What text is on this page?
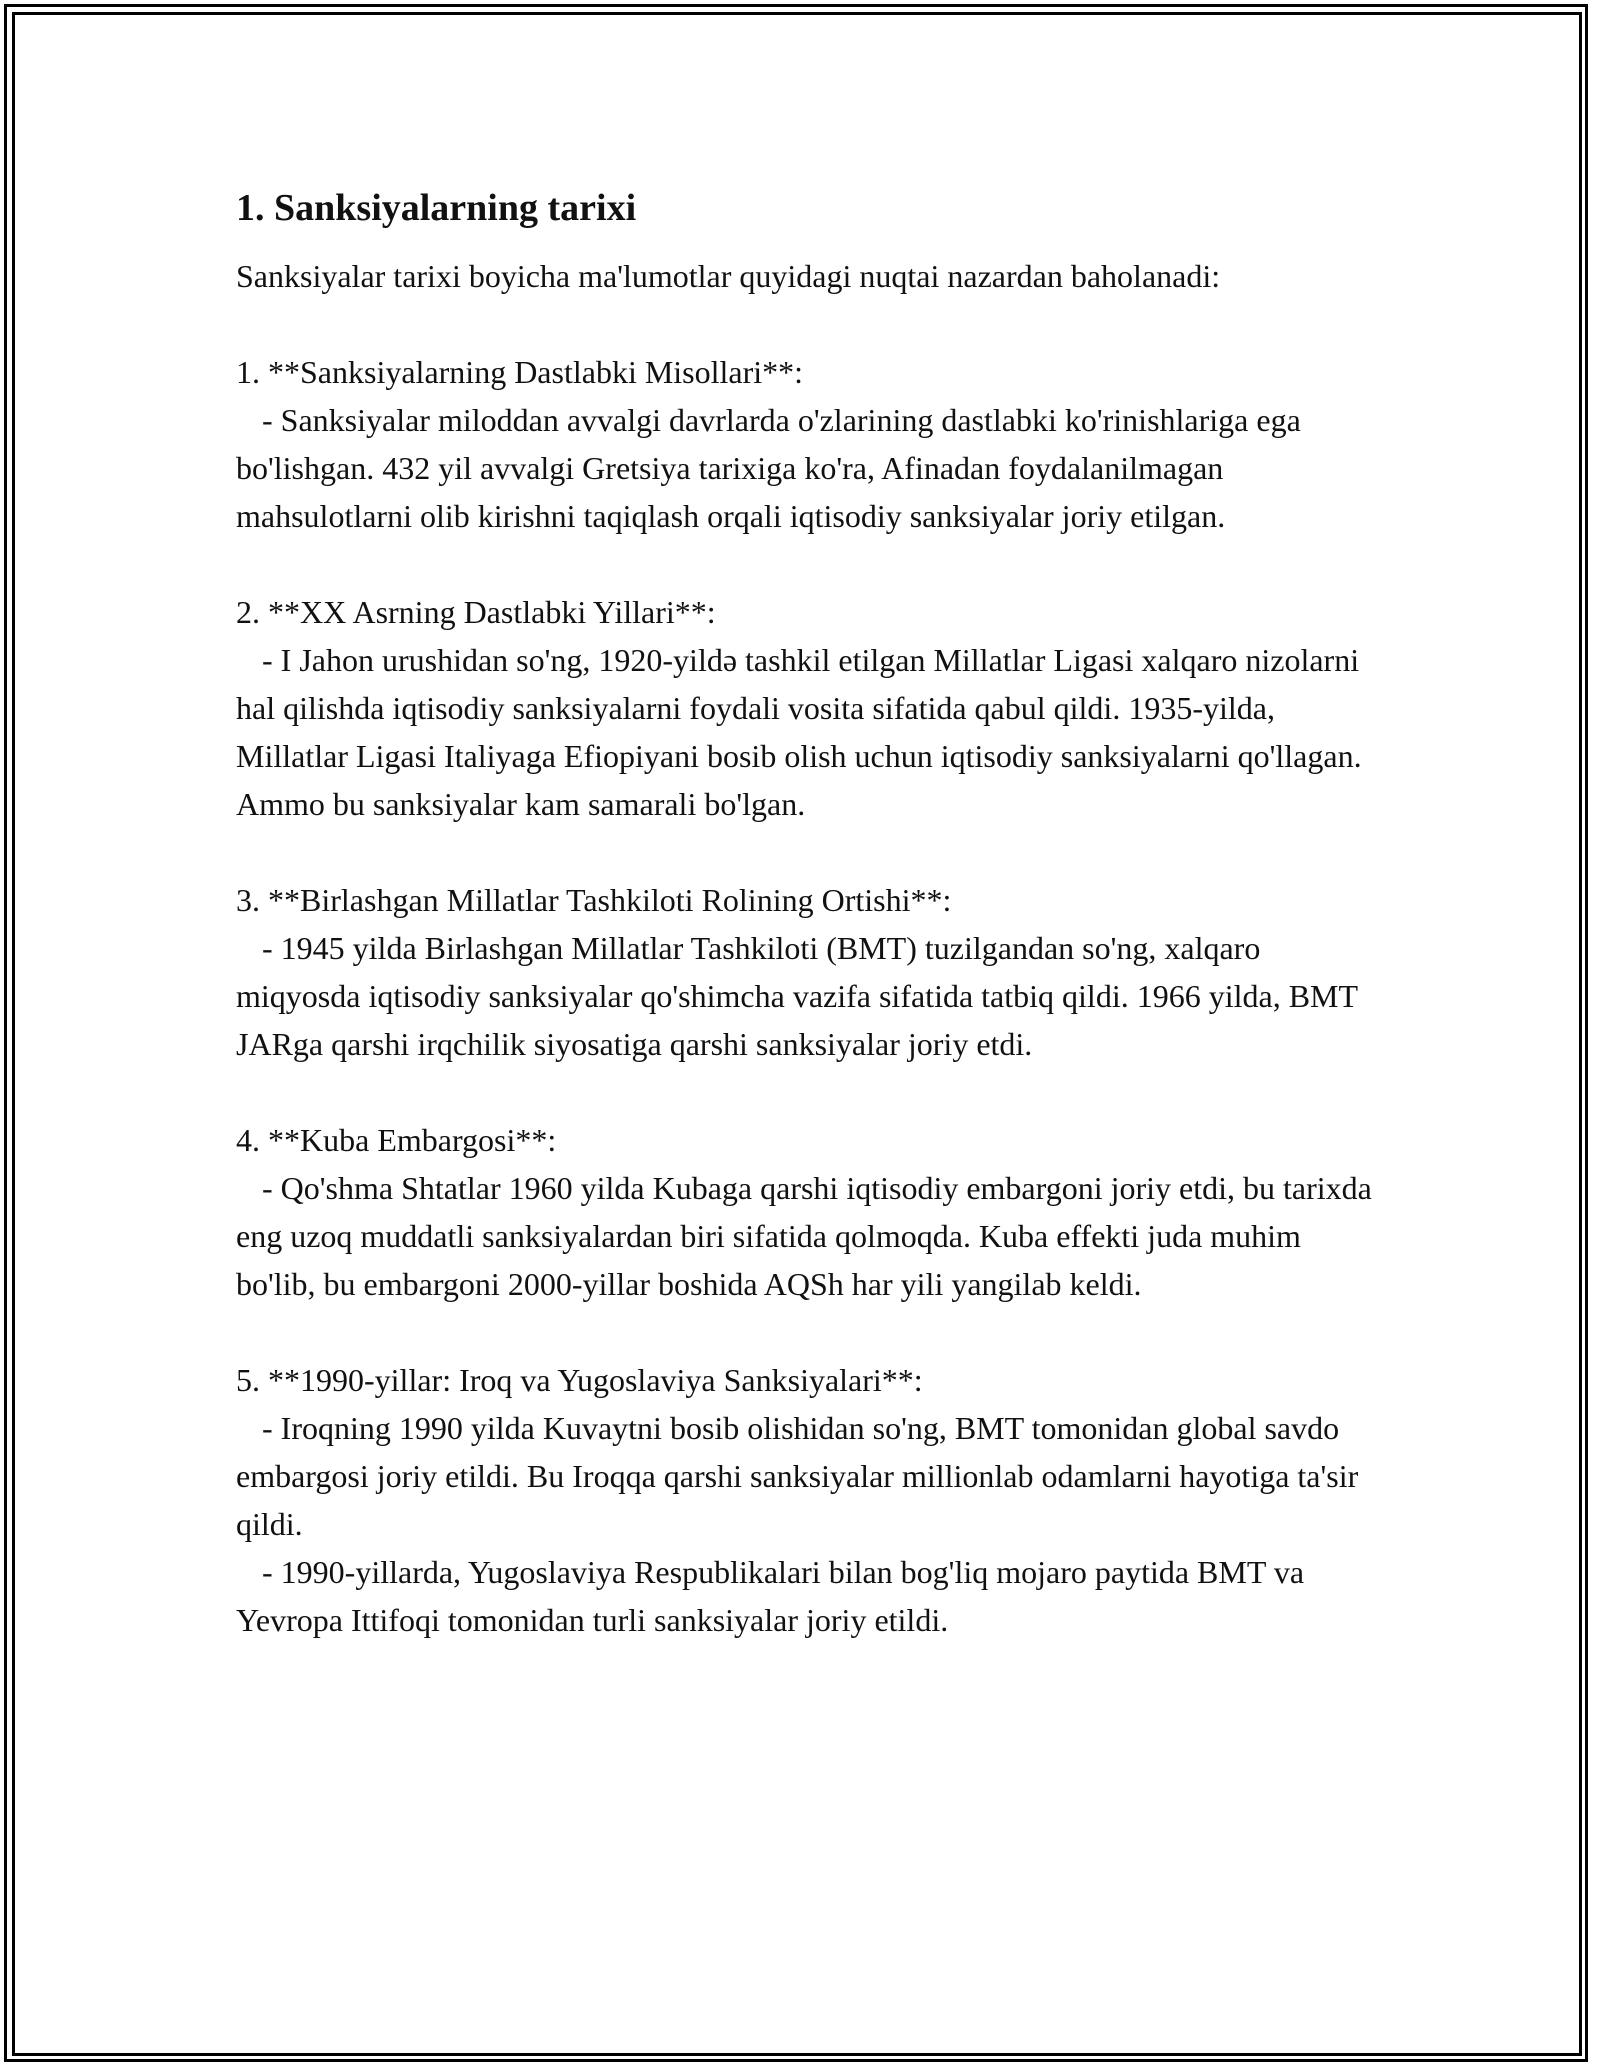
1. Sanksiyalarning tarixi

Sanksiyalar tarixi boyicha ma'lumotlar quyidagi nuqtai nazardan baholanadi:

1. **Sanksiyalarning Dastlabki Misollari**:

- Sanksiyalar miloddan avvalgi davrlarda o'zlarining dastlabki ko'rinishlariga ega bo'lishgan. 432 yil avvalgi Gretsiya tarixiga ko'ra, Afinadan foydalanilmagan mahsulotlarni olib kirishni taqiqlash orqali iqtisodiy sanksiyalar joriy etilgan.

2. **XX Asrning Dastlabki Yillari**:

- I Jahon urushidan so'ng, 1920-yildə tashkil etilgan Millatlar Ligasi xalqaro nizolarni hal qilishda iqtisodiy sanksiyalarni foydali vosita sifatida qabul qildi. 1935-yilda, Millatlar Ligasi Italiyaga Efiopiyani bosib olish uchun iqtisodiy sanksiyalarni qo'llagan. Ammo bu sanksiyalar kam samarali bo'lgan.

3. **Birlashgan Millatlar Tashkiloti Rolining Ortishi**:

- 1945 yilda Birlashgan Millatlar Tashkiloti (BMT) tuzilgandan so'ng, xalqaro miqyosda iqtisodiy sanksiyalar qo'shimcha vazifa sifatida tatbiq qildi. 1966 yilda, BMT JARga qarshi irqchilik siyosatiga qarshi sanksiyalar joriy etdi.

4. **Kuba Embargosi**:

- Qo'shma Shtatlar 1960 yilda Kubaga qarshi iqtisodiy embargoni joriy etdi, bu tarixda eng uzoq muddatli sanksiyalardan biri sifatida qolmoqda. Kuba effekti juda muhim bo'lib, bu embargoni 2000-yillar boshida AQSh har yili yangilab keldi.

5. **1990-yillar: Iroq va Yugoslaviya Sanksiyalari**:

- Iroqning 1990 yilda Kuvaytni bosib olishidan so'ng, BMT tomonidan global savdo embargosi joriy etildi. Bu Iroqqa qarshi sanksiyalar millionlab odamlarni hayotiga ta'sir qildi.

- 1990-yillarda, Yugoslaviya Respublikalari bilan bog'liq mojaro paytida BMT va Yevropa Ittifoqi tomonidan turli sanksiyalar joriy etildi.
